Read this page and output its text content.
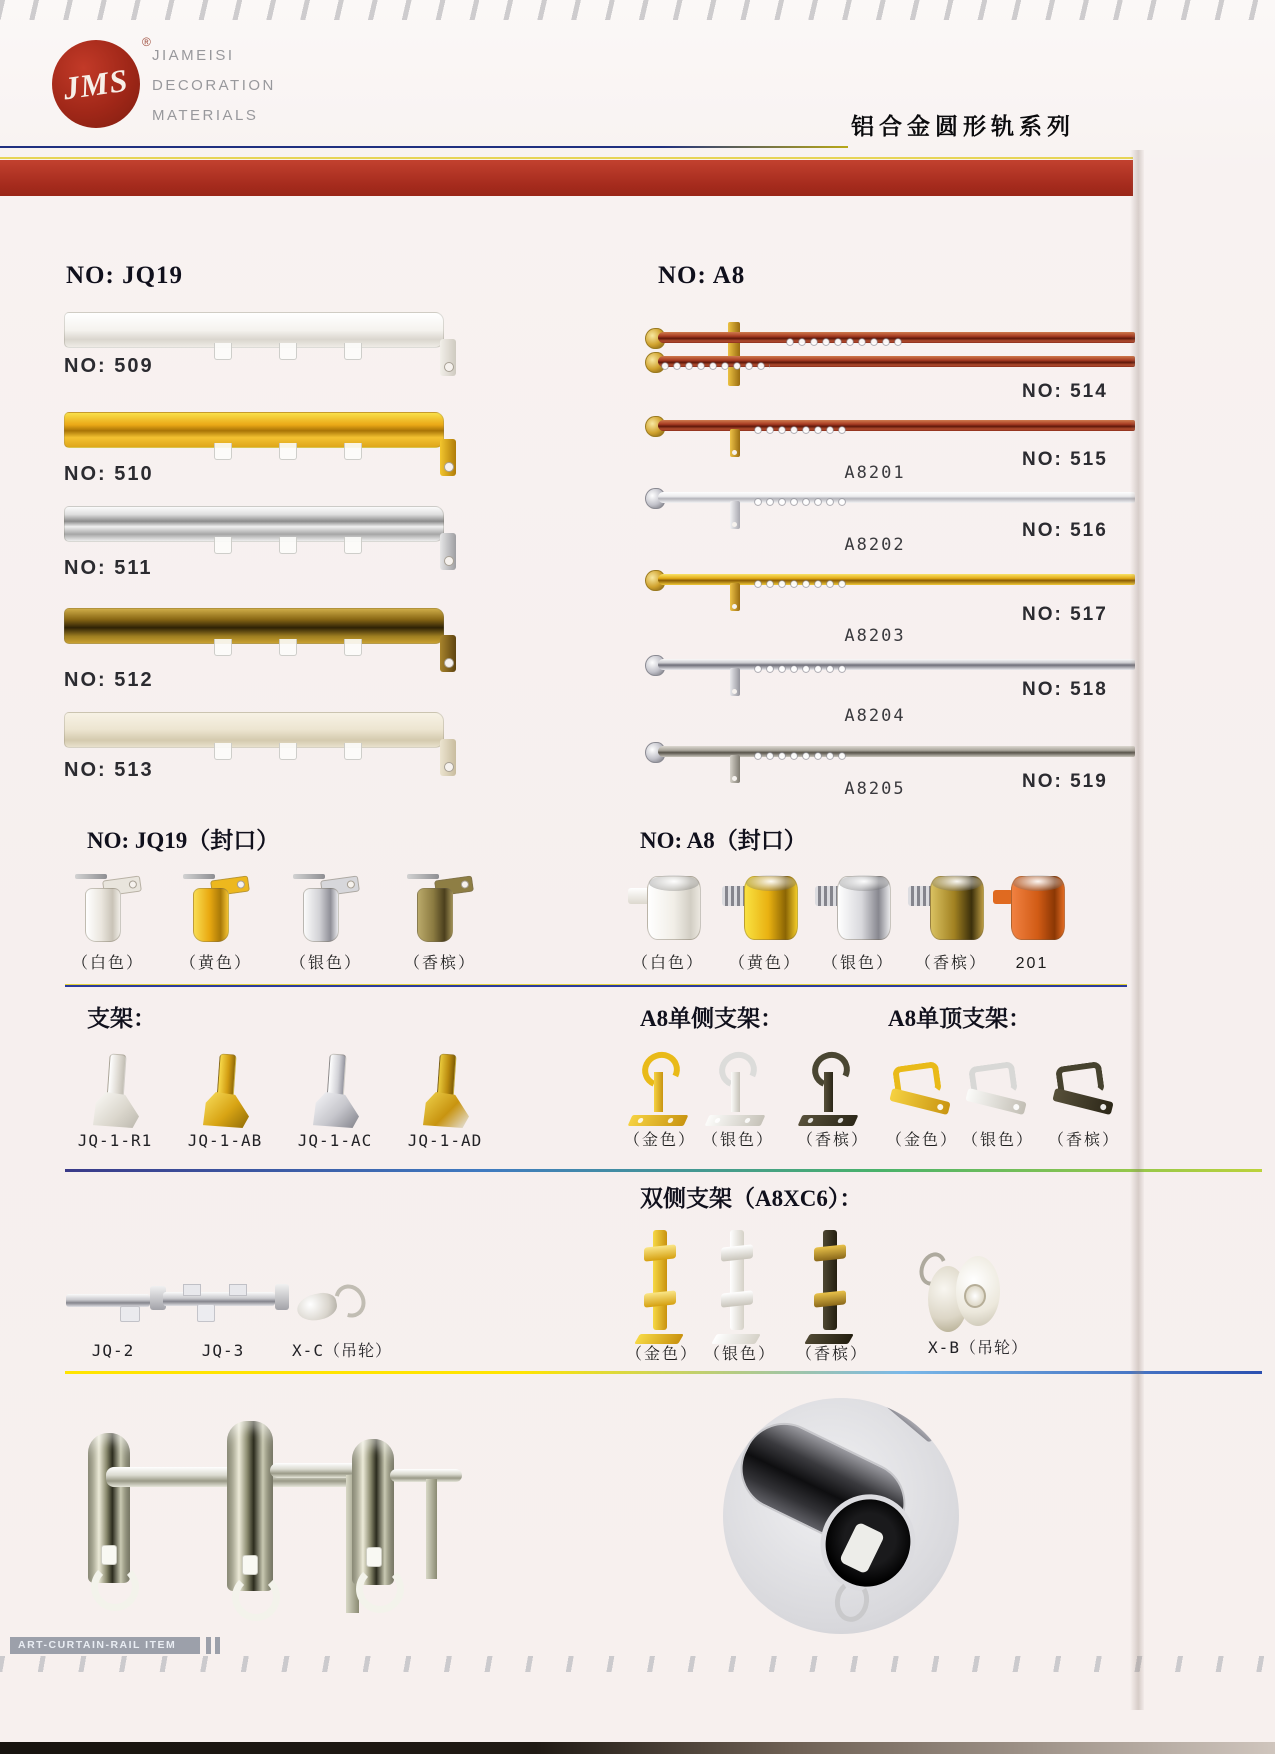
JMS
®
JIAMEISI
DECORATION
MATERIALS	铝合金圆形轨系列
NO: JQ19	NO: A8
NO: 509
NO: 510
NO: 511
NO: 512
NO: 513
NO: 514
NO: 515
A8201
NO: 516
A8202
NO: 517
A8203
NO: 518
A8204
NO: 519
A8205
NO: JQ19（封口）	NO: A8（封口）
（白色）	（黄色）	（银色）	（香槟）	（白色）	（黄色）	（银色）	（香槟）	201
支架：	A8单侧支架：	A8单顶支架：
JQ-1-R1	JQ-1-AB	JQ-1-AC	JQ-1-AD	（金色） （银色）	（香槟）	（金色） （银色） （香槟）
双侧支架（A8XC6）：
JQ-2	JQ-3	X-C（吊轮）	（金色） （银色）	（香槟）	X-B（吊轮）
ART-CURTAIN-RAIL ITEM
